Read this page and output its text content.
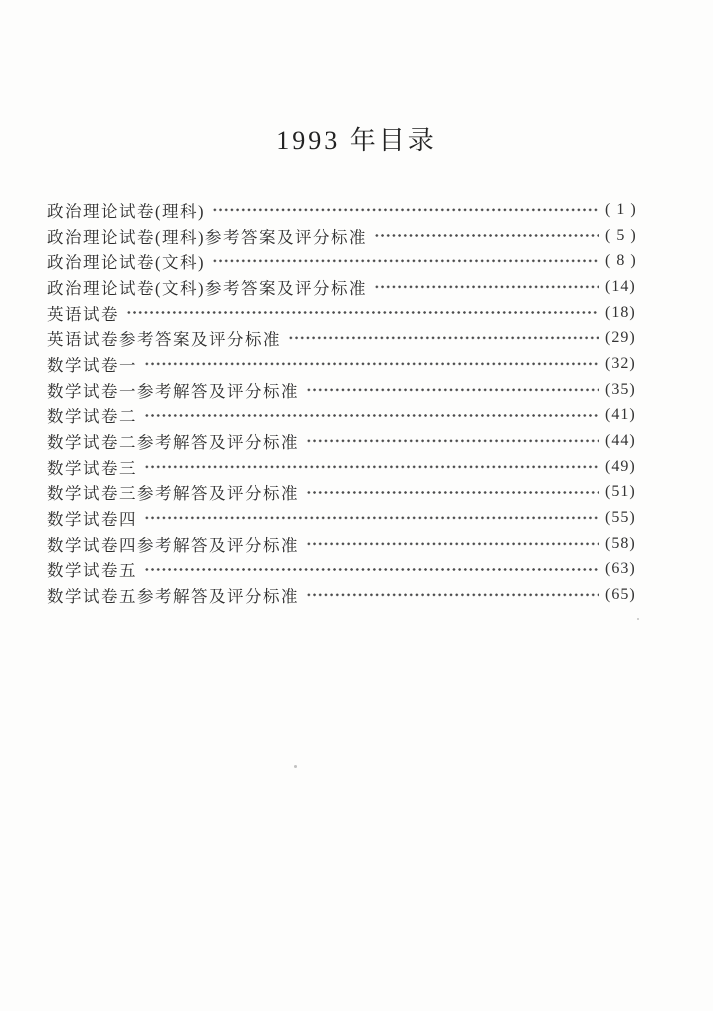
1993 年目录
政治理论试卷(理科)	( 1 )
政治理论试卷(理科)参考答案及评分标准	( 5 )
政治理论试卷(文科)	( 8 )
政治理论试卷(文科)参考答案及评分标准	(14)
英语试卷	(18)
英语试卷参考答案及评分标准	(29)
数学试卷一	(32)
数学试卷一参考解答及评分标准	(35)
数学试卷二	(41)
数学试卷二参考解答及评分标准	(44)
数学试卷三	(49)
数学试卷三参考解答及评分标准	(51)
数学试卷四	(55)
数学试卷四参考解答及评分标准	(58)
数学试卷五	(63)
数学试卷五参考解答及评分标准	(65)
